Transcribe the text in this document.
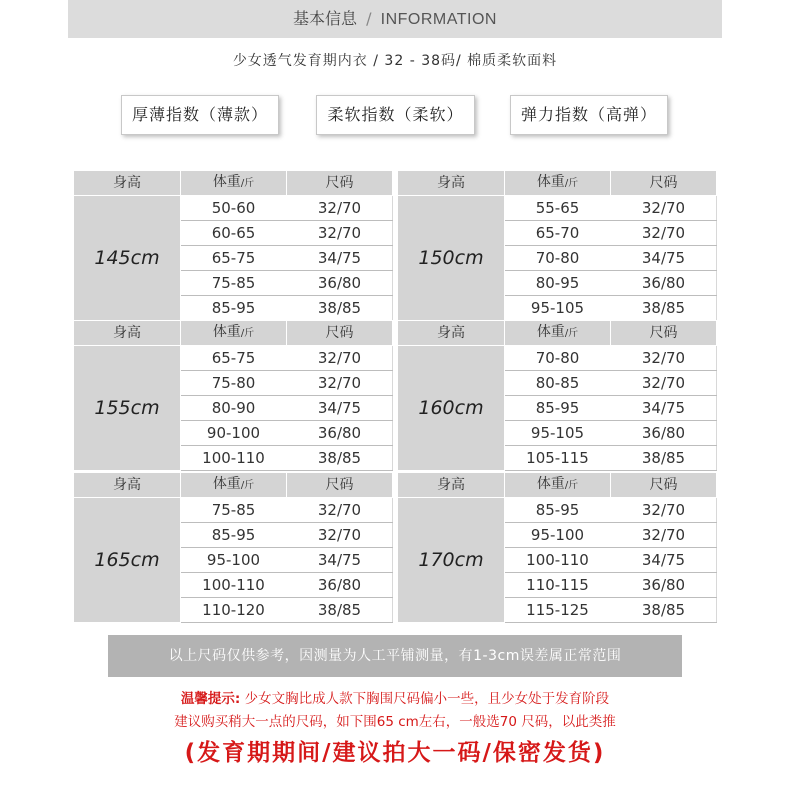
基本信息 / INFORMATION
少女透气发育期内衣 / 32 - 38码/ 棉质柔软面料
厚薄指数（薄款）	柔软指数（柔软）	弹力指数（高弹）
身高	体重/斤	尺码
145cm	50-60	32/70
	60-65	32/70
	65-75	34/75
	75-85	36/80
	85-95	38/85
身高	体重/斤	尺码
150cm	55-65	32/70
	65-70	32/70
	70-80	34/75
	80-95	36/80
	95-105	38/85
身高	体重/斤	尺码
155cm	65-75	32/70
	75-80	32/70
	80-90	34/75
	90-100	36/80
	100-110	38/85
身高	体重/斤	尺码
160cm	70-80	32/70
	80-85	32/70
	85-95	34/75
	95-105	36/80
	105-115	38/85
身高	体重/斤	尺码
165cm	75-85	32/70
	85-95	32/70
	95-100	34/75
	100-110	36/80
	110-120	38/85
身高	体重/斤	尺码
170cm	85-95	32/70
	95-100	32/70
	100-110	34/75
	110-115	36/80
	115-125	38/85
以上尺码仅供参考，因测量为人工平铺测量，有1-3cm误差属正常范围
温馨提示: 少女文胸比成人款下胸围尺码偏小一些，且少女处于发育阶段
建议购买稍大一点的尺码，如下围65 cm左右，一般选70 尺码，以此类推
(发育期期间/建议拍大一码/保密发货)
